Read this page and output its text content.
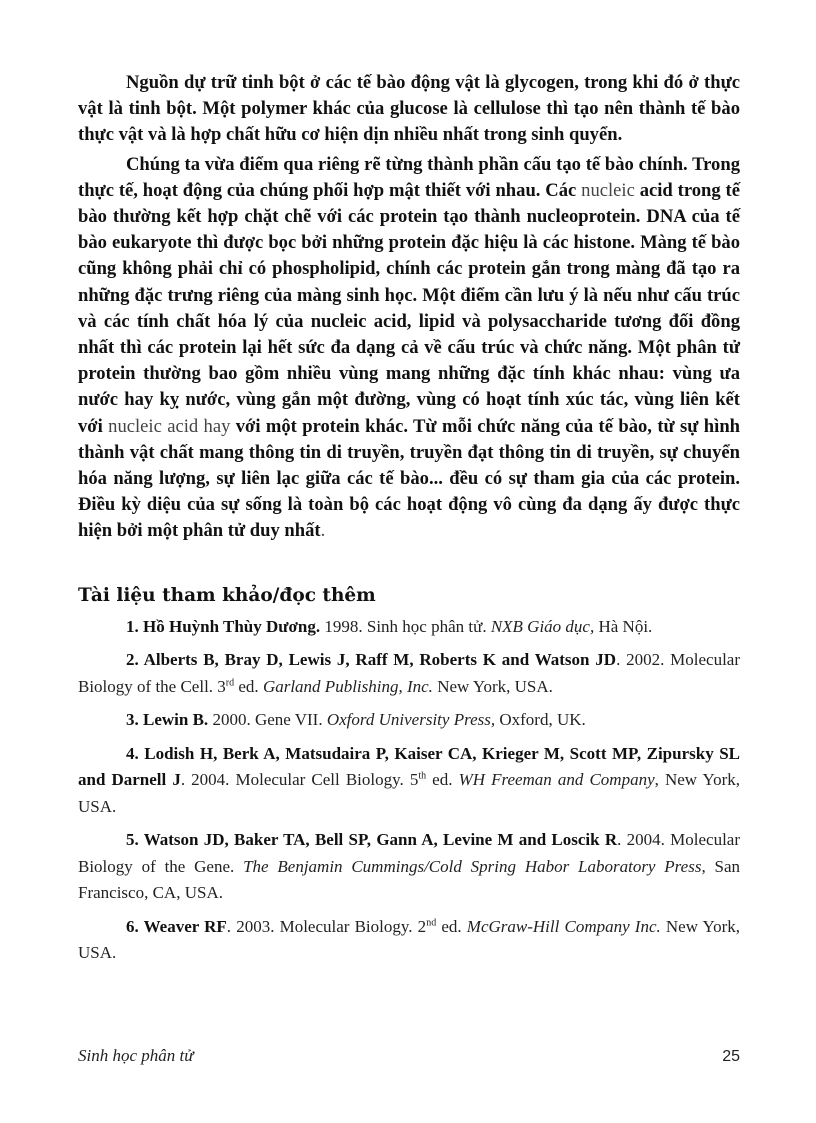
Nguồn dự trữ tinh bột ở các tế bào động vật là glycogen, trong khi đó ở thực vật là tinh bột. Một polymer khác của glucose là cellulose thì tạo nên thành tế bào thực vật và là hợp chất hữu cơ hiện dịn nhiều nhất trong sinh quyển.

Chúng ta vừa điểm qua riêng rẽ từng thành phần cấu tạo tế bào chính. Trong thực tế, hoạt động của chúng phối hợp mật thiết với nhau. Các nucleic acid trong tế bào thường kết hợp chặt chẽ với các protein tạo thành nucleoprotein. DNA của tế bào eukaryote thì được bọc bởi những protein đặc hiệu là các histone. Màng tế bào cũng không phải chỉ có phospholipid, chính các protein gắn trong màng đã tạo ra những đặc trưng riêng của màng sinh học. Một điểm cần lưu ý là nếu như cấu trúc và các tính chất hóa lý của nucleic acid, lipid và polysaccharide tương đối đồng nhất thì các protein lại hết sức đa dạng cả về cấu trúc và chức năng. Một phân tử protein thường bao gồm nhiều vùng mang những đặc tính khác nhau: vùng ưa nước hay kỵ nước, vùng gắn một đường, vùng có hoạt tính xúc tác, vùng liên kết với nucleic acid hay với một protein khác. Từ mỗi chức năng của tế bào, từ sự hình thành vật chất mang thông tin di truyền, truyền đạt thông tin di truyền, sự chuyển hóa năng lượng, sự liên lạc giữa các tế bào... đều có sự tham gia của các protein. Điều kỳ diệu của sự sống là toàn bộ các hoạt động vô cùng đa dạng ấy được thực hiện bởi một phân tử duy nhất.

Tài liệu tham khảo/đọc thêm

1. Hồ Huỳnh Thùy Dương. 1998. Sinh học phân tử. NXB Giáo dục, Hà Nội.

2. Alberts B, Bray D, Lewis J, Raff M, Roberts K and Watson JD. 2002. Molecular Biology of the Cell. 3rd ed. Garland Publishing, Inc. New York, USA.

3. Lewin B. 2000. Gene VII. Oxford University Press, Oxford, UK.

4. Lodish H, Berk A, Matsudaira P, Kaiser CA, Krieger M, Scott MP, Zipursky SL and Darnell J. 2004. Molecular Cell Biology. 5th ed. WH Freeman and Company, New York, USA.

5. Watson JD, Baker TA, Bell SP, Gann A, Levine M and Loscik R. 2004. Molecular Biology of the Gene. The Benjamin Cummings/Cold Spring Habor Laboratory Press, San Francisco, CA, USA.

6. Weaver RF. 2003. Molecular Biology. 2nd ed. McGraw-Hill Company Inc. New York, USA.

Sinh học phân tử	25
